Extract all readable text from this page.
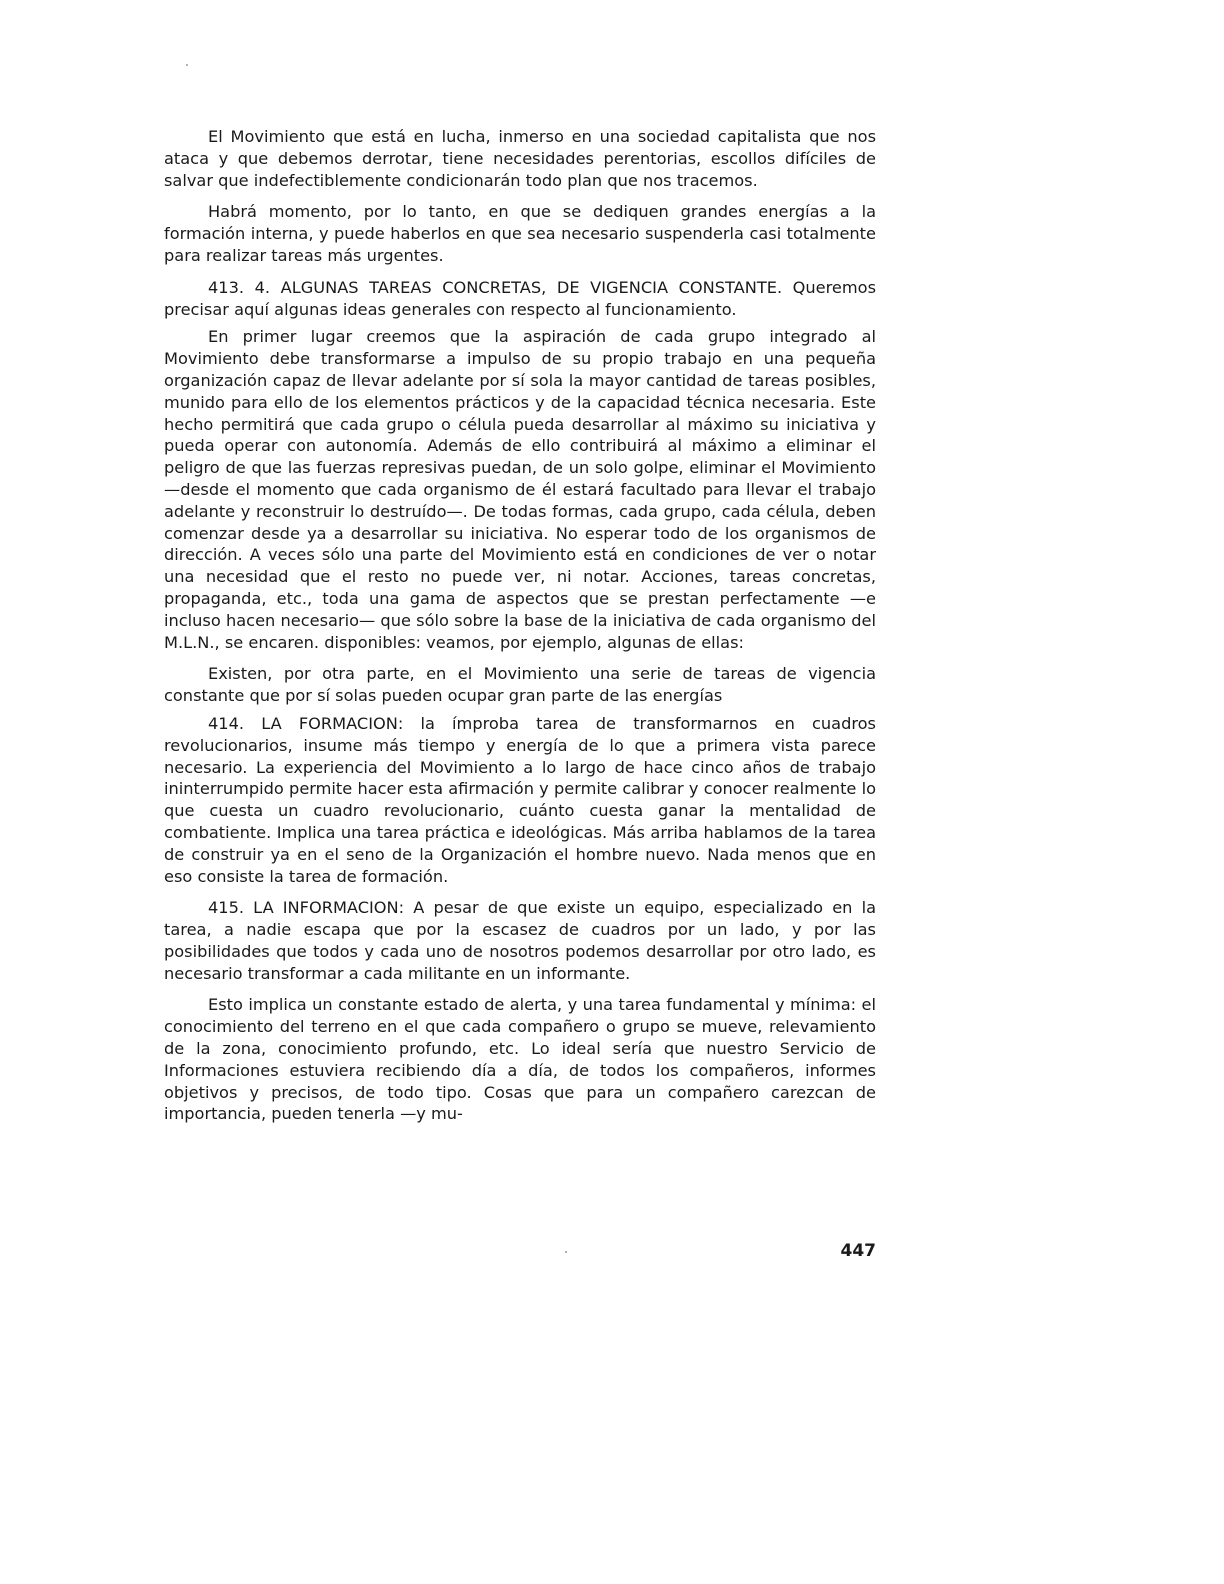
El Movimiento que está en lucha, inmerso en una sociedad capitalista que nos ataca y que debemos derrotar, tiene necesidades perentorias, escollos difíciles de salvar que indefectiblemente condicionarán todo plan que nos tracemos.

Habrá momento, por lo tanto, en que se dediquen grandes energías a la formación interna, y puede haberlos en que sea necesario suspenderla casi totalmente para realizar tareas más urgentes.

413. 4. ALGUNAS TAREAS CONCRETAS, DE VIGENCIA CONSTANTE. Queremos precisar aquí algunas ideas generales con respecto al funcionamiento.

En primer lugar creemos que la aspiración de cada grupo integrado al Movimiento debe transformarse a impulso de su propio trabajo en una pequeña organización capaz de llevar adelante por sí sola la mayor cantidad de tareas posibles, munido para ello de los elementos prácticos y de la capacidad técnica necesaria. Este hecho permitirá que cada grupo o célula pueda desarrollar al máximo su iniciativa y pueda operar con autonomía. Además de ello contribuirá al máximo a eliminar el peligro de que las fuerzas represivas puedan, de un solo golpe, eliminar el Movimiento —desde el momento que cada organismo de él estará facultado para llevar el trabajo adelante y reconstruir lo destruído—. De todas formas, cada grupo, cada célula, deben comenzar desde ya a desarrollar su iniciativa. No esperar todo de los organismos de dirección. A veces sólo una parte del Movimiento está en condiciones de ver o notar una necesidad que el resto no puede ver, ni notar. Acciones, tareas concretas, propaganda, etc., toda una gama de aspectos que se prestan perfectamente —e incluso hacen necesario— que sólo sobre la base de la iniciativa de cada organismo del M.L.N., se encaren. disponibles: veamos, por ejemplo, algunas de ellas:

Existen, por otra parte, en el Movimiento una serie de tareas de vigencia constante que por sí solas pueden ocupar gran parte de las energías

414. LA FORMACION: la ímproba tarea de transformarnos en cuadros revolucionarios, insume más tiempo y energía de lo que a primera vista parece necesario. La experiencia del Movimiento a lo largo de hace cinco años de trabajo ininterrumpido permite hacer esta afirmación y permite calibrar y conocer realmente lo que cuesta un cuadro revolucionario, cuánto cuesta ganar la mentalidad de combatiente. Implica una tarea práctica e ideológicas. Más arriba hablamos de la tarea de construir ya en el seno de la Organización el hombre nuevo. Nada menos que en eso consiste la tarea de formación.

415. LA INFORMACION: A pesar de que existe un equipo, especializado en la tarea, a nadie escapa que por la escasez de cuadros por un lado, y por las posibilidades que todos y cada uno de nosotros podemos desarrollar por otro lado, es necesario transformar a cada militante en un informante.

Esto implica un constante estado de alerta, y una tarea fundamental y mínima: el conocimiento del terreno en el que cada compañero o grupo se mueve, relevamiento de la zona, conocimiento profundo, etc. Lo ideal sería que nuestro Servicio de Informaciones estuviera recibiendo día a día, de todos los compañeros, informes objetivos y precisos, de todo tipo. Cosas que para un compañero carezcan de importancia, pueden tenerla —y mu-

447
